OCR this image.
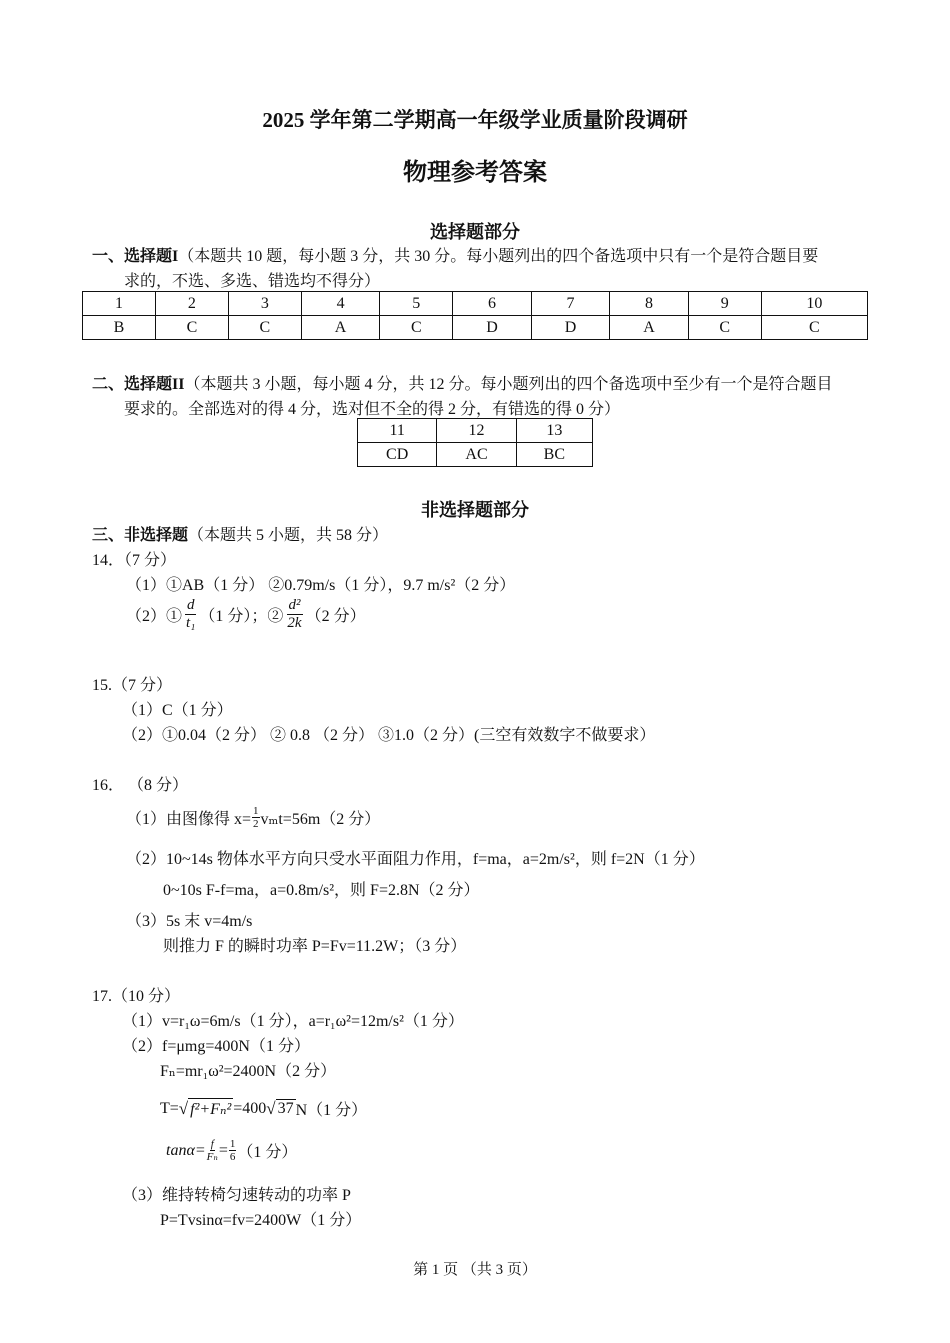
2025 学年第二学期高一年级学业质量阶段调研
物理参考答案
选择题部分
一、选择题I（本题共 10 题，每小题 3 分，共 30 分。每小题列出的四个备选项中只有一个是符合题目要
求的，不选、多选、错选均不得分）
1	2	3	4	5	6	7	8	9	10
B	C	C	A	C	D	D	A	C	C
二、选择题II（本题共 3 小题，每小题 4 分，共 12 分。每小题列出的四个备选项中至少有一个是符合题目
要求的。全部选对的得 4 分，选对但不全的得 2 分，有错选的得 0 分）
11	12	13
CD	AC	BC
非选择题部分
三、非选择题（本题共 5 小题，共 58 分）
14．（7 分）
（1）①AB（1 分） ②0.79m/s（1 分），9.7 m/s²（2 分）
（2）① $\frac{d}{\text{t₁}} (1$ 分）；② $\frac{\text{d²}}{2k} (2$ 分）
15.（7 分）
（1）C（1 分）
（2）①0.04（2 分） ② 0.8 （2 分） ③1.0（2 分）(三空有效数字不做要求）
16． （8 分）
（1）由图像得 $x= \frac{1}{2} v_mt=56m(2$ 分）
（2）10~14s 物体水平方向只受水平面阻力作用，f=ma，a=2m/s²，则 f=2N（1 分）
0~10s F-f=ma，a=0.8m/s²，则 F=2.8N（2 分）
（3）5s 末 v=4m/s
则推力 F 的瞬时功率 P=Fv=11.2W；（3 分）
17.（10 分）
（1）v=r₁ω=6m/s（1 分），a=r₁ω²=12m/s²（1 分）
（2）f=μmg=400N（1 分）
Fₙ=mr₁ω²=2400N（2 分）
T= √ f²+Fₙ² =400 √ 37 N（1 分）
$\tan\alpha= \frac{f}{\text{Fₙ}} = \frac{1}{6} (1$ 分）
（3）维持转椅匀速转动的功率 P
P=Tvsinα=fv=2400W（1 分）
第 1 页 （共 3 页）
